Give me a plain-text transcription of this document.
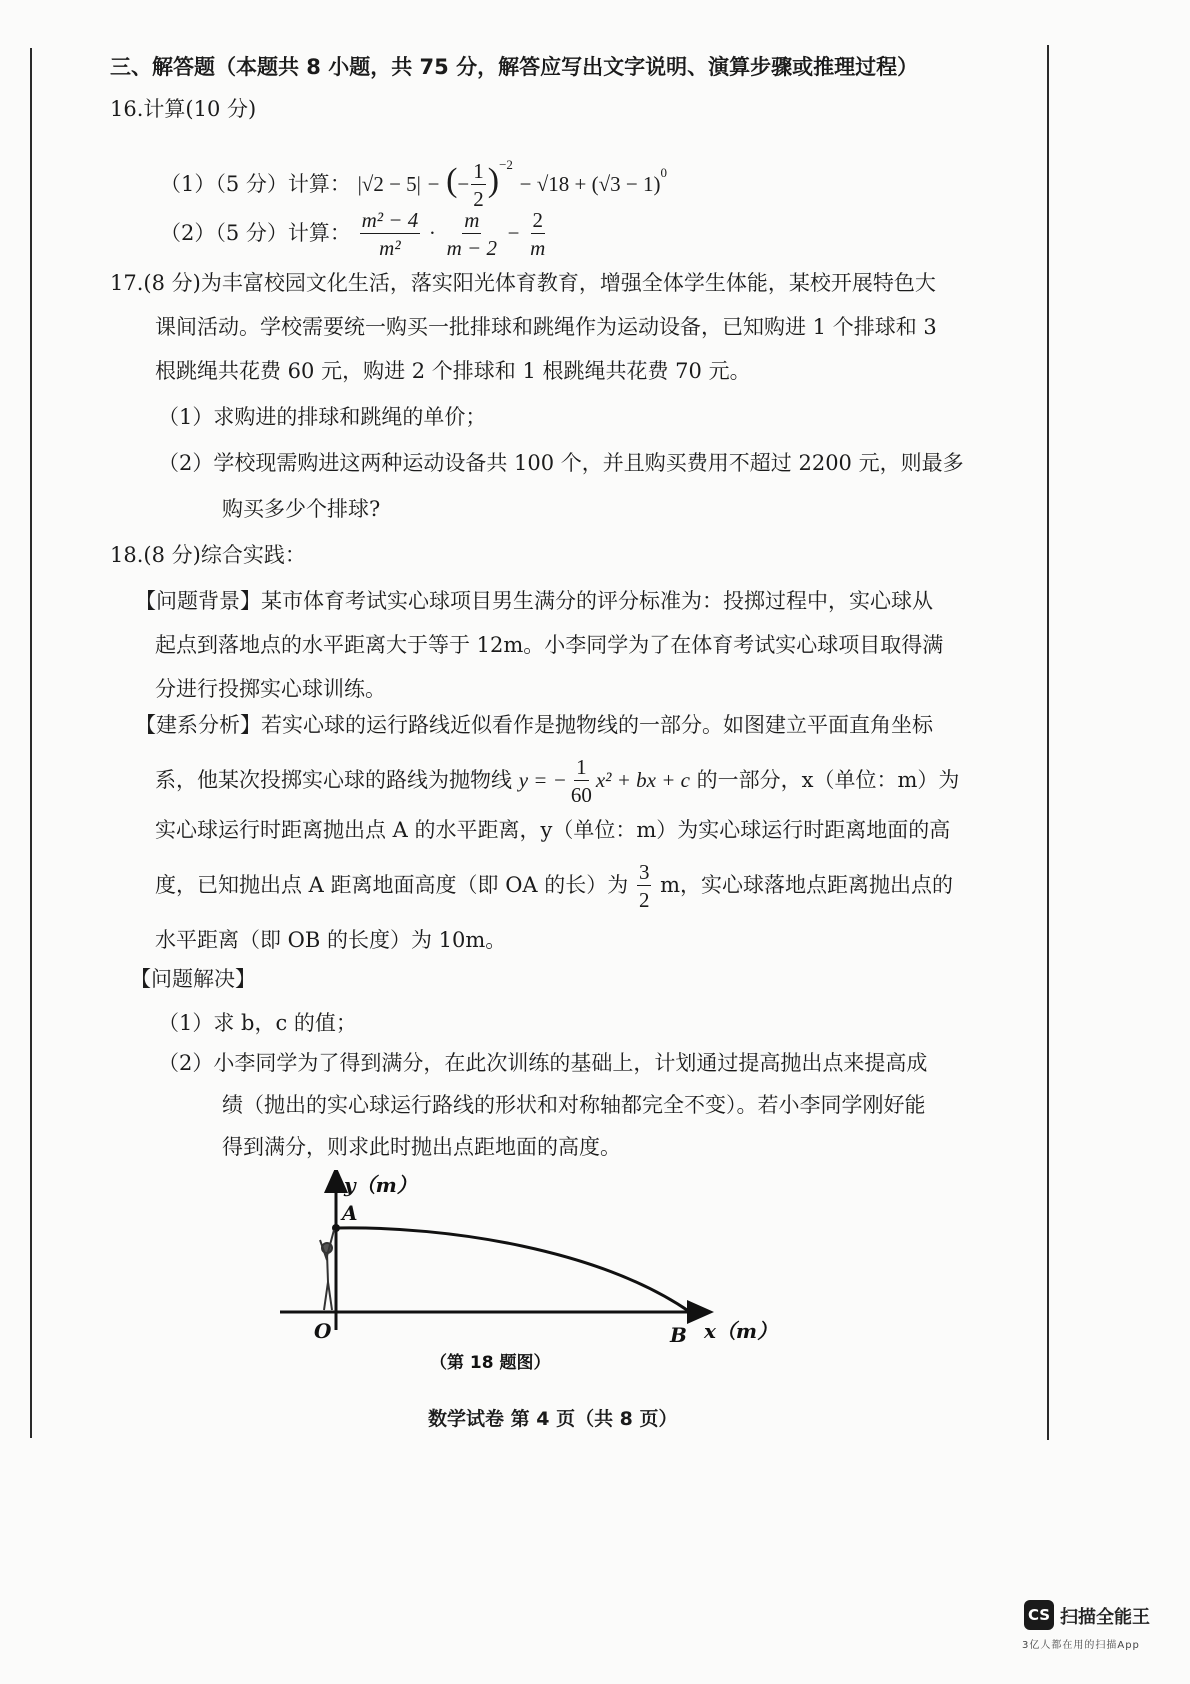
三、解答题（本题共 8 小题，共 75 分，解答应写出文字说明、演算步骤或推理过程）
16.计算(10 分)
（1）（5 分）计算： |√2 − 5| − (− $\frac{1}{2} )^{-2} - √18 + (√3 - 1)^0$
（2）（5 分）计算： $\frac{\text{m² − 4}}{\text{m²}} \cdot \frac{m}{m - 2} - \frac{2}{m}$
17.(8 分)为丰富校园文化生活，落实阳光体育教育，增强全体学生体能，某校开展特色大
课间活动。学校需要统一购买一批排球和跳绳作为运动设备，已知购进 1 个排球和 3
根跳绳共花费 60 元，购进 2 个排球和 1 根跳绳共花费 70 元。
（1）求购进的排球和跳绳的单价；
（2）学校现需购进这两种运动设备共 100 个，并且购买费用不超过 2200 元，则最多
购买多少个排球?
18.(8 分)综合实践：
【问题背景】某市体育考试实心球项目男生满分的评分标准为：投掷过程中，实心球从
起点到落地点的水平距离大于等于 12m。小李同学为了在体育考试实心球项目取得满
分进行投掷实心球训练。
【建系分析】若实心球的运行路线近似看作是抛物线的一部分。如图建立平面直角坐标
系，他某次投掷实心球的路线为抛物线 y = − $\frac{1}{60} x^2$ + bx + c 的一部分，x（单位：m）为
实心球运行时距离抛出点 A 的水平距离，y（单位：m）为实心球运行时距离地面的高
度，已知抛出点 A 距离地面高度（即 OA 的长）为 $\frac{3}{2}$ m，实心球落地点距离抛出点的
水平距离（即 OB 的长度）为 10m。
【问题解决】
（1）求 b，c 的值；
（2）小李同学为了得到满分，在此次训练的基础上，计划通过提高抛出点来提高成
绩（抛出的实心球运行路线的形状和对称轴都完全不变）。若小李同学刚好能
得到满分，则求此时抛出点距地面的高度。
y（m）
A
O	B x（m）
（第 18 题图）
数学试卷 第 4 页（共 8 页）
CS 扫描全能王
3亿人都在用的扫描App
